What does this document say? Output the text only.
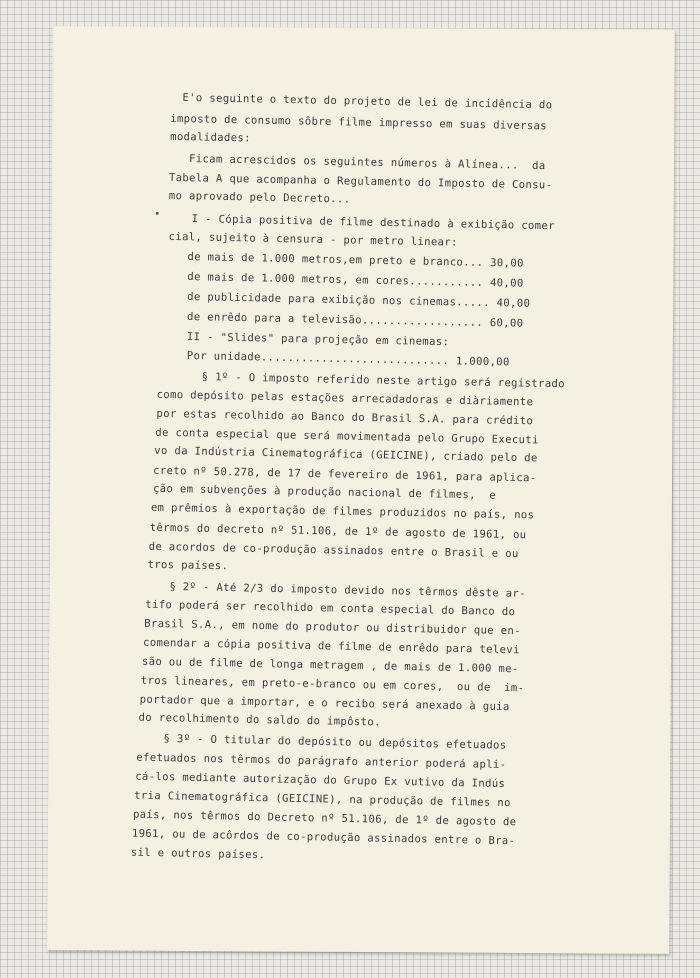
E'o seguinte o texto do projeto de lei de incidência do
imposto de consumo sôbre filme impresso em suas diversas
modalidades:
Ficam acrescidos os seguintes números à Alínea...  da
Tabela A que acompanha o Regulamento do Imposto de Consu-
mo aprovado pelo Decreto...
I - Cópia positiva de filme destinado à exibição comer
cial, sujeito à censura - por metro linear:
de mais de 1.000 metros,em preto e branco... 30,00
de mais de 1.000 metros, em cores........... 40,00
de publicidade para exibição nos cinemas..... 40,00
de enrêdo para a televisão.................. 60,00
II - "Slides" para projeção em cinemas:
Por unidade............................ 1.000,00
§ 1º - O imposto referido neste artigo será registrado
como depósito pelas estações arrecadadoras e diàriamente
por estas recolhido ao Banco do Brasil S.A. para crédito
de conta especial que será movimentada pelo Grupo Executi
vo da Indústria Cinematográfica (GEICINE), criado pelo de
creto nº 50.278, de 17 de fevereiro de 1961, para aplica-
ção em subvenções à produção nacional de filmes,  e
em prêmios à exportação de filmes produzidos no país, nos
têrmos do decreto nº 51.106, de 1º de agosto de 1961, ou
de acordos de co-produção assinados entre o Brasil e ou
tros países.
§ 2º - Até 2/3 do imposto devido nos têrmos dêste ar-
tifo poderá ser recolhido em conta especial do Banco do
Brasil S.A., em nome do produtor ou distribuidor que en-
comendar a cópia positiva de filme de enrêdo para televi
são ou de filme de longa metragem , de mais de 1.000 me-
tros lineares, em preto-e-branco ou em cores,  ou de  im-
portador que a importar, e o recibo será anexado à guia
do recolhimento do saldo do impôsto.
§ 3º - O titular do depósito ou depósitos efetuados
efetuados nos têrmos do parágrafo anterior poderá apli-
cá-los mediante autorização do Grupo Ex vutivo da Indús
tria Cinematográfica (GEICINE), na produção de filmes no
país, nos têrmos do Decreto nº 51.106, de 1º de agosto de
1961, ou de acôrdos de co-produção assinados entre o Bra-
sil e outros países.
